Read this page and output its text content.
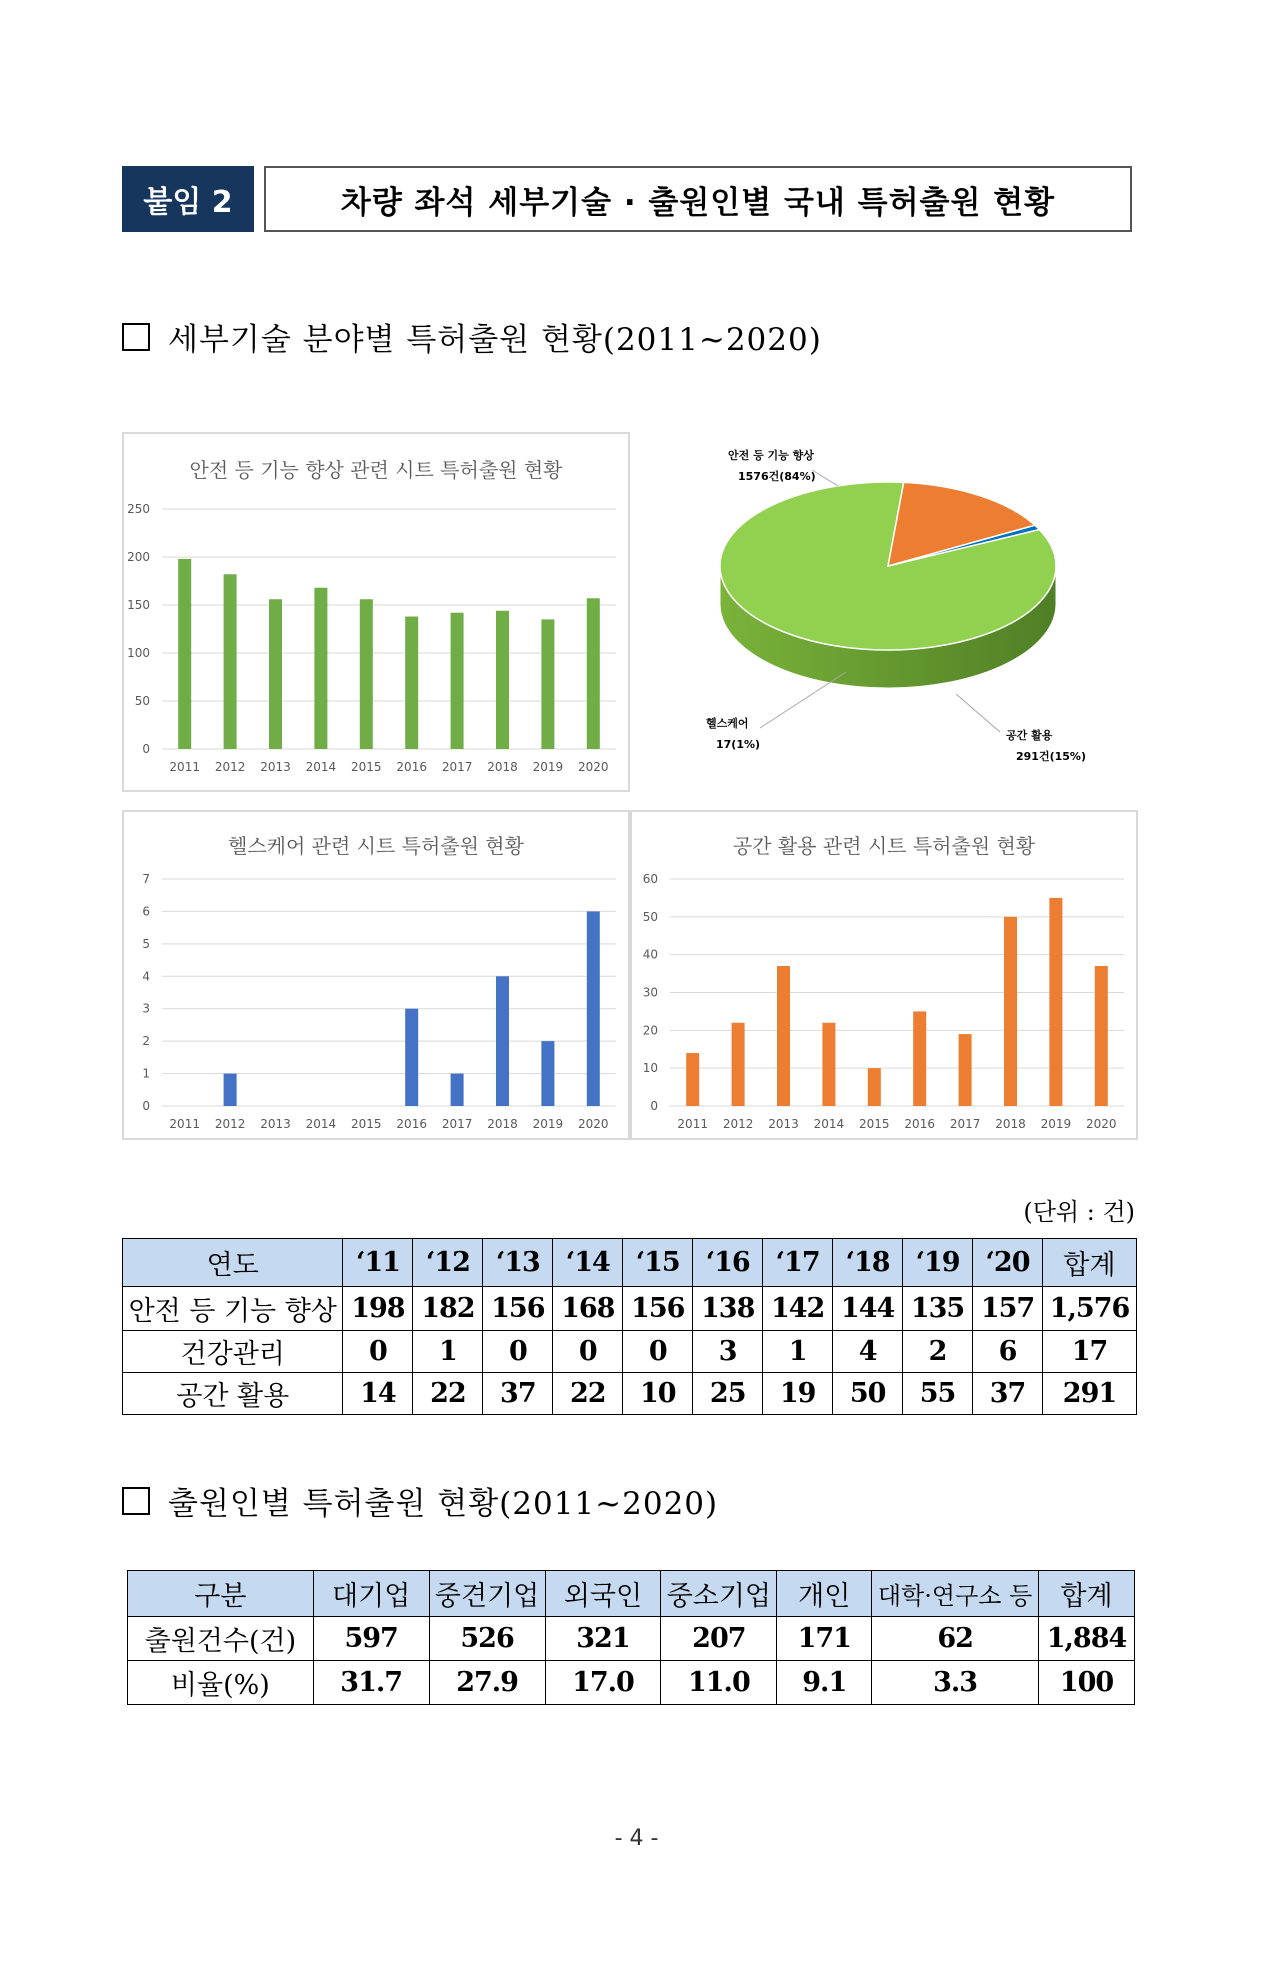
붙임 2	차량 좌석 세부기술 · 출원인별 국내 특허출원 현황
세부기술 분야별 특허출원 현황(2011~2020)
안전 등 기능 향상 관련 시트 특허출원 현황
0
50
100
150
200
250
2011 2012 2013 2014 2015 2016 2017 2018 2019 2020
안전 등 기능 향상
1576건(84%)
공간 활용
291건(15%)
헬스케어
17(1%)
헬스케어 관련 시트 특허출원 현황
0
1
2
3
4
5
6
7
2011 2012 2013 2014 2015 2016 2017 2018 2019 2020
공간 활용 관련 시트 특허출원 현황
0
10
20
30
40
50
60
2011 2012 2013 2014 2015 2016 2017 2018 2019 2020
(단위 : 건)
연도	‘11	‘12	‘13	‘14	‘15	‘16	‘17	‘18	‘19	‘20	합계
안전 등 기능 향상	198	182	156	168	156	138	142	144	135	157	1,576
건강관리	0	1	0	0	0	3	1	4	2	6	17
공간 활용	14	22	37	22	10	25	19	50	55	37	291
출원인별 특허출원 현황(2011~2020)
구분	대기업	중견기업	외국인	중소기업	개인	대학·연구소 등	합계
출원건수(건)	597	526	321	207	171	62	1,884
비율(%)	31.7	27.9	17.0	11.0	9.1	3.3	100
- 4 -
